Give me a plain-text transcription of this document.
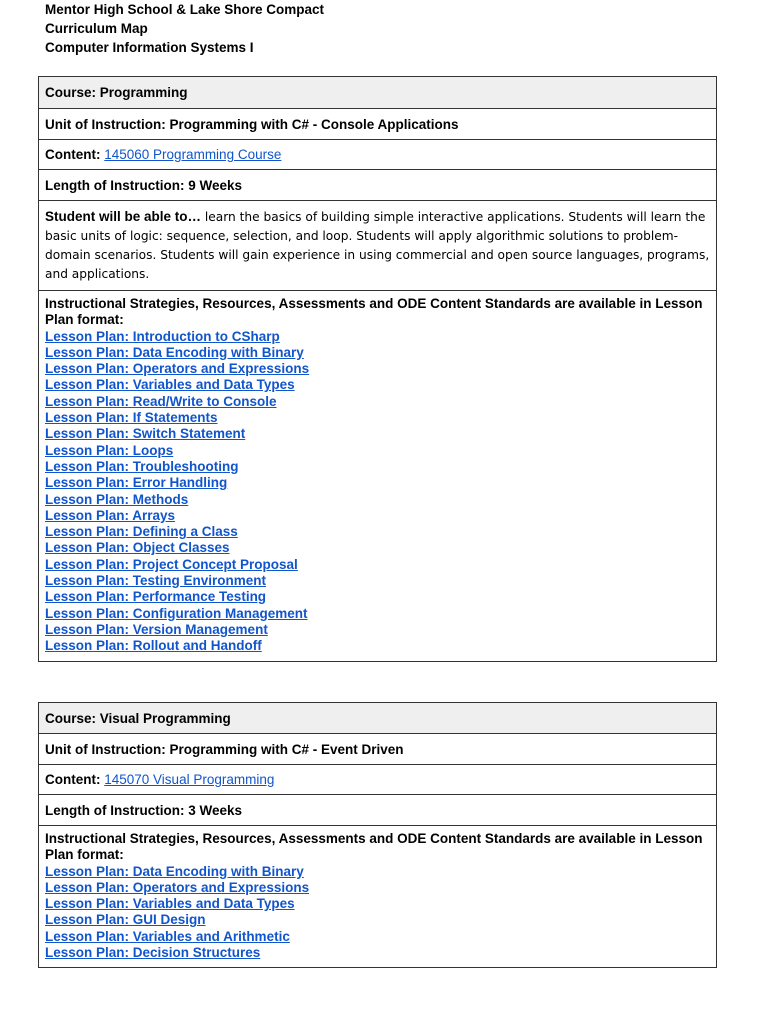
Mentor High School & Lake Shore Compact
Curriculum Map
Computer Information Systems I
Course: Programming
Unit of Instruction: Programming with C# - Console Applications
Content:
145060 Programming Course
Length of Instruction: 9 Weeks
Student will be able to… learn the basics of building simple interactive applications. Students will learn the basic units of logic: sequence, selection, and loop. Students will apply algorithmic solutions to problem-domain scenarios. Students will gain experience in using commercial and open source languages, programs, and applications.
Instructional Strategies, Resources, Assessments and ODE Content Standards are available in Lesson Plan format:
Lesson Plan: Introduction to CSharp
Lesson Plan: Data Encoding with Binary
Lesson Plan: Operators and Expressions
Lesson Plan: Variables and Data Types
Lesson Plan: Read/Write to Console
Lesson Plan: If Statements
Lesson Plan: Switch Statement
Lesson Plan: Loops
Lesson Plan: Troubleshooting
Lesson Plan: Error Handling
Lesson Plan: Methods
Lesson Plan: Arrays
Lesson Plan: Defining a Class
Lesson Plan: Object Classes
Lesson Plan: Project Concept Proposal
Lesson Plan: Testing Environment
Lesson Plan: Performance Testing
Lesson Plan: Configuration Management
Lesson Plan: Version Management
Lesson Plan: Rollout and Handoff
Course: Visual Programming
Unit of Instruction: Programming with C# - Event Driven
Content:
145070 Visual Programming
Length of Instruction: 3 Weeks
Instructional Strategies, Resources, Assessments and ODE Content Standards are available in Lesson Plan format:
Lesson Plan: Data Encoding with Binary
Lesson Plan: Operators and Expressions
Lesson Plan: Variables and Data Types
Lesson Plan: GUI Design
Lesson Plan: Variables and Arithmetic
Lesson Plan: Decision Structures
